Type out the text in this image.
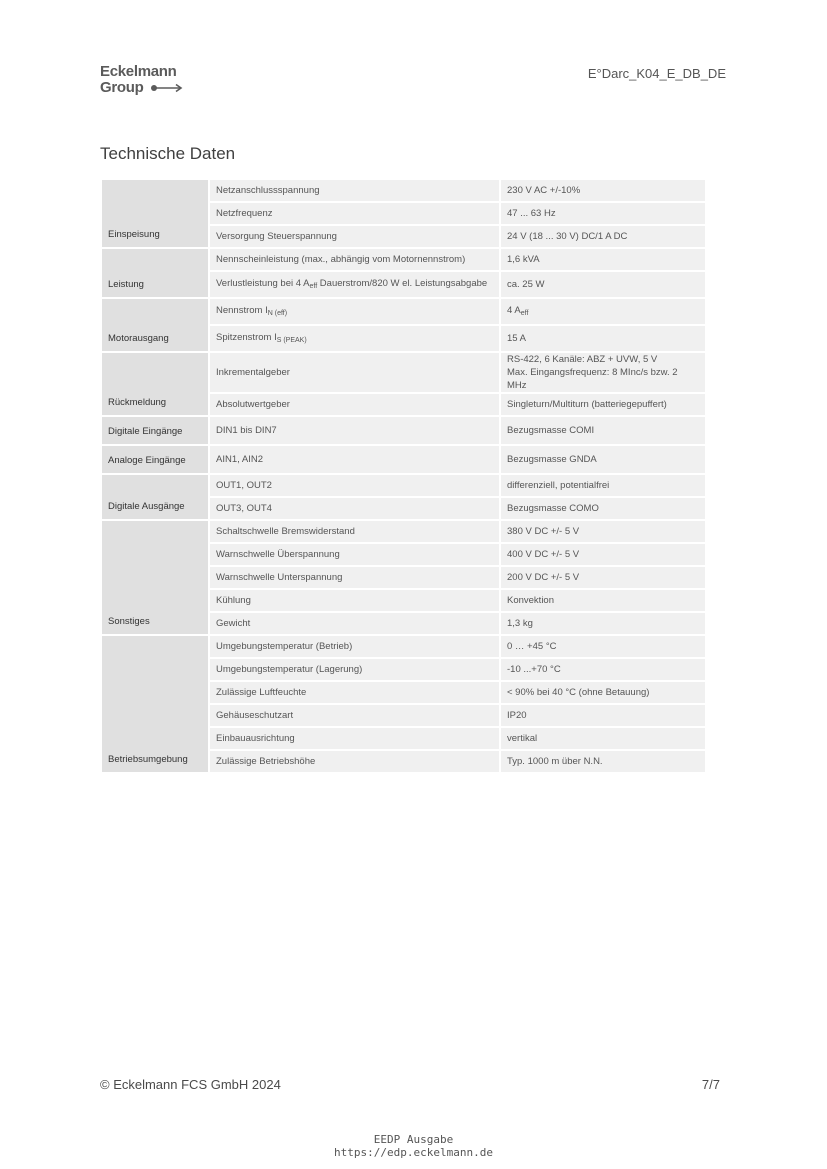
Eckelmann
Group
E°Darc_K04_E_DB_DE
Technische Daten
Einspeisung	Netzanschlussspannung	230 V AC +/-10%

	Netzfrequenz	47 ... 63 Hz

	Versorgung Steuerspannung	24 V (18 ... 30 V) DC/1 A DC

Leistung	Nennscheinleistung (max., abhängig vom Motornennstrom)	1,6 kVA

	Verlustleistung bei 4 $A_{eff}$ Dauerstrom/820 W el. Leistungsabgabe	ca. 25 W

Motorausgang	Nennstrom $I_{N (eff)}$	4 $A_{eff}$

	Spitzenstrom $I_{S (PEAK)}$	15 A

Rückmeldung	Inkrementalgeber	RS-422, 6 Kanäle: ABZ + UVW, 5 V
Max. Eingangsfrequenz: 8 MInc/s bzw. 2 MHz

	Absolutwertgeber	Singleturn/Multiturn (batteriegepuffert)

Digitale Eingänge	DIN1 bis DIN7	Bezugsmasse COMI

Analoge Eingänge	AIN1, AIN2	Bezugsmasse GNDA

Digitale Ausgänge	OUT1, OUT2	differenziell, potentialfrei

	OUT3, OUT4	Bezugsmasse COMO

Sonstiges	Schaltschwelle Bremswiderstand	380 V DC +/- 5 V

	Warnschwelle Überspannung	400 V DC +/- 5 V

	Warnschwelle Unterspannung	200 V DC +/- 5 V

	Kühlung	Konvektion

	Gewicht	1,3 kg

Betriebsumgebung	Umgebungstemperatur (Betrieb)	0 … +45 °C

	Umgebungstemperatur (Lagerung)	-10 ...+70 °C

	Zulässige Luftfeuchte	< 90% bei 40 °C (ohne Betauung)

	Gehäuseschutzart	IP20

	Einbauausrichtung	vertikal

	Zulässige Betriebshöhe	Typ. 1000 m über N.N.
© Eckelmann FCS GmbH 2024	7/7
EEDP Ausgabe
https://edp.eckelmann.de
